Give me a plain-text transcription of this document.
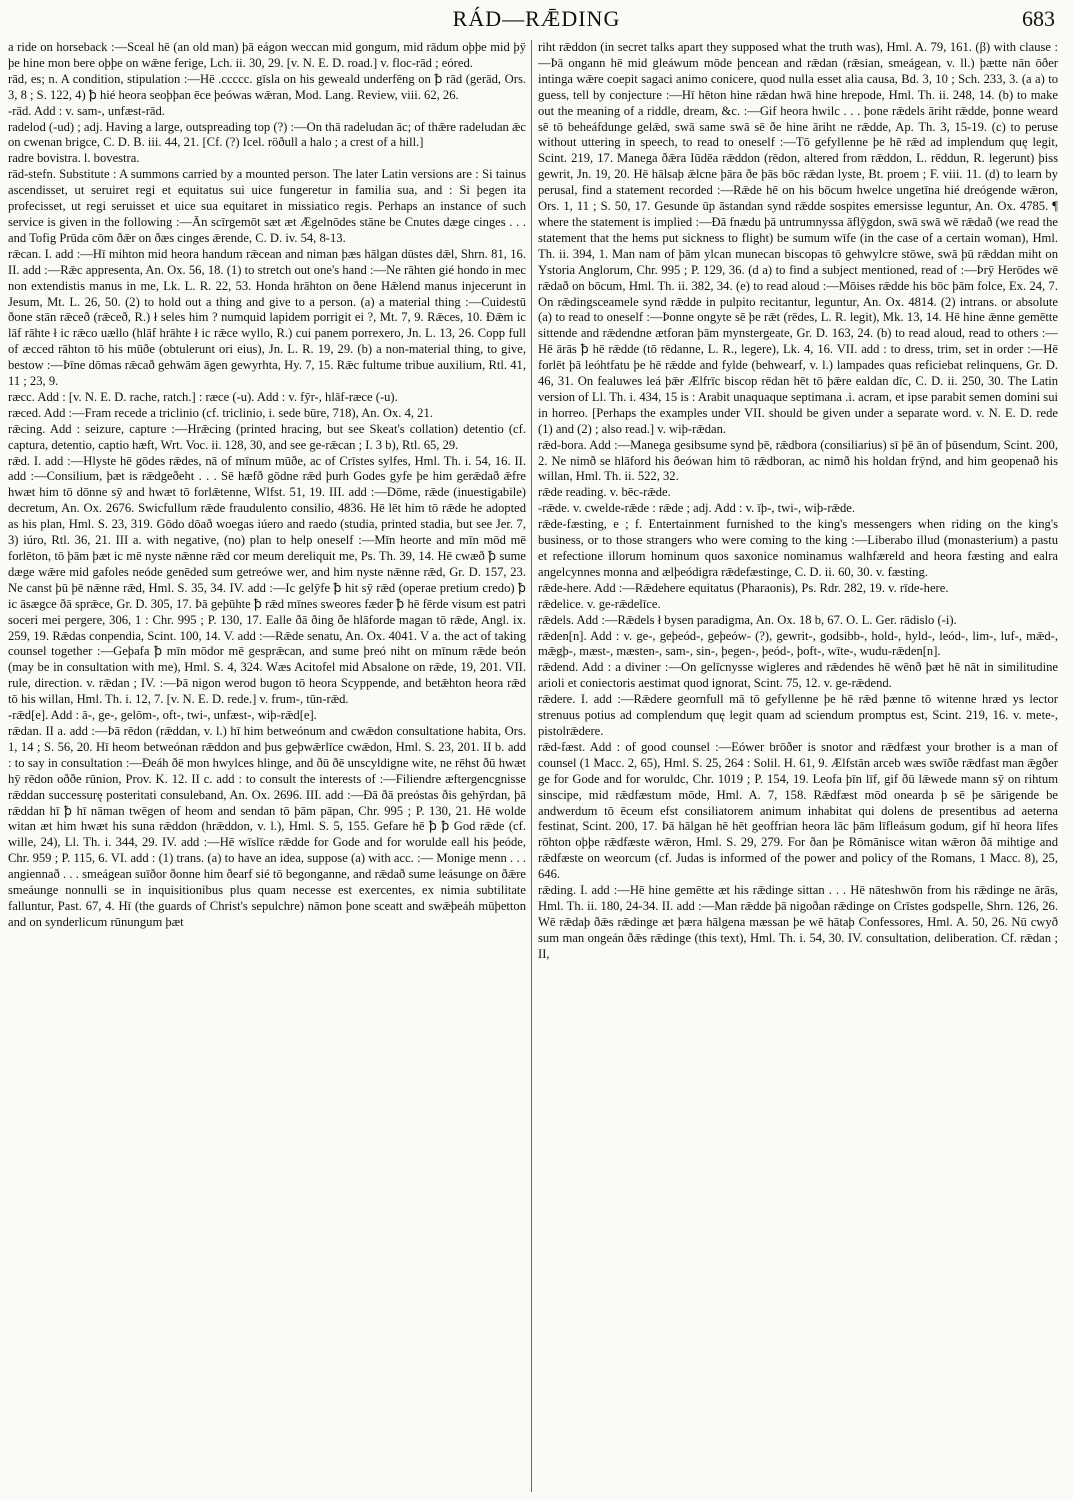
RÁD—RǢDING	683

a ride on horseback :—Sceal hē (an old man) þā eágon weccan mid gongum, mid rādum oþþe mid þȳ þe hine mon bere oþþe on wǣne ferige, Lch. ii. 30, 29. [v. N. E. D. road.] v. floc-rād ; eóred.

rād, es; n. A condition, stipulation :—Hē .ccccc. gīsla on his geweald underfēng on ꝥ rād (gerād, Ors. 3, 8 ; S. 122, 4) ꝥ hié heora seoþþan ēce þeówas wǣran, Mod. Lang. Review, viii. 62, 26.

-rād. Add : v. sam-, unfæst-rād.

radelod (-ud) ; adj. Having a large, outspreading top (?) :—On thā radeludan āc; of thǣre radeludan ǣc on cwenan brigce, C. D. B. iii. 44, 21. [Cf. (?) Icel. röðull a halo ; a crest of a hill.]

radre bovistra. l. bovestra.

rād-stefn. Substitute : A summons carried by a mounted person. The later Latin versions are : Si tainus ascendisset, ut seruiret regi et equitatus sui uice fungeretur in familia sua, and : Si þegen ita profecisset, ut regi seruisset et uice sua equitaret in missiatico regis. Perhaps an instance of such service is given in the following :—Ān scīrgemōt sæt æt Ægelnōdes stāne be Cnutes dæge cinges . . . and Tofig Prūda cōm ðǣr on ðæs cinges ǣrende, C. D. iv. 54, 8-13.

rǣcan. I. add :—Hī mihton mid heora handum rǣcean and niman þæs hālgan dūstes dǣl, Shrn. 81, 16. II. add :—Rǣc appresenta, An. Ox. 56, 18. (1) to stretch out one's hand :—Ne rāhten gié hondo in mec non extendistis manus in me, Lk. L. R. 22, 53. Honda hrāhton on ðene Hǣlend manus injecerunt in Jesum, Mt. L. 26, 50. (2) to hold out a thing and give to a person. (a) a material thing :—Cuidestū ðone stān rǣceð (rǣceð, R.) ł seles him ? numquid lapidem porrigit ei ?, Mt. 7, 9. Rǣces, 10. Ðǣm ic lāf rāhte ł ic rǣco uællo (hlāf hrāhte ł ic rǣce wyllo, R.) cui panem porrexero, Jn. L. 13, 26. Copp full of æcced rāhton tō his mūðe (obtulerunt ori eius), Jn. L. R. 19, 29. (b) a non-material thing, to give, bestow :—Þīne dōmas rǣcað gehwām āgen gewyrhta, Hy. 7, 15. Rǣc fultume tribue auxilium, Rtl. 41, 11 ; 23, 9.

ræcc. Add : [v. N. E. D. rache, ratch.] : ræce (-u). Add : v. fȳr-, hlāf-ræce (-u).

ræced. Add :—Fram recede a triclinio (cf. triclinio, i. sede būre, 718), An. Ox. 4, 21.

rǣcing. Add : seizure, capture :—Hrǣcing (printed hracing, but see Skeat's collation) detentio (cf. captura, detentio, captio hæft, Wrt. Voc. ii. 128, 30, and see ge-rǣcan ; I. 3 b), Rtl. 65, 29.

rǣd. I. add :—Hlyste hē gōdes rǣdes, nā of mīnum mūðe, ac of Crīstes sylfes, Hml. Th. i. 54, 16. II. add :—Consilium, þæt is rǣdgeðeht . . . Sē hæfð gōdne rǣd þurh Godes gyfe þe him gerǣdað ǣfre hwæt him tō dōnne sȳ and hwæt tō forlǣtenne, Wlfst. 51, 19. III. add :—Dōme, rǣde (inuestigabile) decretum, An. Ox. 2676. Swicfullum rǣde fraudulento consilio, 4836. Hē lēt him tō rǣde he adopted as his plan, Hml. S. 23, 319. Gōdo dōað woegas iúero and raedo (studia, printed stadia, but see Jer. 7, 3) iúro, Rtl. 36, 21. III a. with negative, (no) plan to help oneself :—Mīn heorte and mīn mōd mē forlēton, tō þām þæt ic mē nyste nǣnne rǣd cor meum dereliquit me, Ps. Th. 39, 14. Hē cwæð ꝥ sume dæge wǣre mid gafoles neóde genēded sum getreówe wer, and him nyste nǣnne rǣd, Gr. D. 157, 23. Ne canst þū þē nǣnne rǣd, Hml. S. 35, 34. IV. add :—Ic gelȳfe ꝥ hit sȳ rǣd (operae pretium credo) ꝥ ic āsægce ðā sprǣce, Gr. D. 305, 17. Þā geþūhte ꝥ rǣd mīnes sweores fæder ꝥ hē fērde visum est patri soceri mei pergere, 306, 1 : Chr. 995 ; P. 130, 17. Ealle ðā ðing ðe hlāforde magan tō rǣde, Angl. ix. 259, 19. Rǣdas conpendia, Scint. 100, 14. V. add :—Rǣde senatu, An. Ox. 4041. V a. the act of taking counsel together :—Geþafa ꝥ mīn mōdor mē gesprǣcan, and sume þreó niht on mīnum rǣde beón (may be in consultation with me), Hml. S. 4, 324. Wæs Acitofel mid Absalone on rǣde, 19, 201. VII. rule, direction. v. rǣdan ; IV. :—Þā nigon werod bugon tō heora Scyppende, and betǣhton heora rǣd tō his willan, Hml. Th. i. 12, 7. [v. N. E. D. rede.] v. frum-, tūn-rǣd.

-rǣd[e]. Add : ā-, ge-, gelōm-, oft-, twi-, unfæst-, wiþ-rǣd[e].

rǣdan. II a. add :—Þā rēdon (rǣddan, v. l.) hī him betweónum and cwǣdon consultatione habita, Ors. 1, 14 ; S. 56, 20. Hī heom betweónan rǣddon and þus geþwǣrlīce cwǣdon, Hml. S. 23, 201. II b. add : to say in consultation :—Ðeáh ðē mon hwylces hlinge, and ðū ðē unscyldigne wite, ne rēhst ðū hwæt hȳ rēdon oððe rūnion, Prov. K. 12. II c. add : to consult the interests of :—Filiendre æftergencgnisse rǣddan successurę posteritati consuleband, An. Ox. 2696. III. add :—Ðā ðā preóstas ðis gehȳrdan, þā rǣddan hī ꝥ hī nāman twēgen of heom and sendan tō þām pāpan, Chr. 995 ; P. 130, 21. Hē wolde witan æt him hwæt his suna rǣddon (hrǣddon, v. l.), Hml. S. 5, 155. Gefare hē ꝥ ꝥ God rǣde (cf. wille, 24), Ll. Th. i. 344, 29. IV. add :—Hē wīslīce rǣdde for Gode and for worulde eall his þeóde, Chr. 959 ; P. 115, 6. VI. add : (1) trans. (a) to have an idea, suppose (a) with acc. :— Monige menn . . . angiennað . . . smeágean suīðor ðonne him ðearf sié tō begonganne, and rǣdað sume leásunge on ðǣre smeáunge nonnulli se in inquisitionibus plus quam necesse est exercentes, ex nimia subtilitate falluntur, Past. 67, 4. Hī (the guards of Christ's sepulchre) nāmon þone sceatt and swǣþeáh mūþetton and on synderlicum rūnungum þæt

riht rǣddon (in secret talks apart they supposed what the truth was), Hml. A. 79, 161. (β) with clause :—Þā ongann hē mid gleáwum mōde þencean and rǣdan (rǣsian, smeágean, v. ll.) þætte nān ōðer intinga wǣre coepit sagaci animo conicere, quod nulla esset alia causa, Bd. 3, 10 ; Sch. 233, 3. (a a) to guess, tell by conjecture :—Hī hēton hine rǣdan hwā hine hrepode, Hml. Th. ii. 248, 14. (b) to make out the meaning of a riddle, dream, &c. :—Gif heora hwilc . . . þone rǣdels āriht rǣdde, þonne weard sē tō beheáfdunge gelǣd, swā same swā sē ðe hine āriht ne rǣdde, Ap. Th. 3, 15-19. (c) to peruse without uttering in speech, to read to oneself :—Tō gefyllenne þe hē rǣd ad implendum quę legit, Scint. 219, 17. Manega ðǣra Iūdēa rǣddon (rēdon, altered from rǣddon, L. rēddun, R. legerunt) þiss gewrit, Jn. 19, 20. Hē hālsaþ ǣlcne þāra ðe þās bōc rǣdan lyste, Bt. proem ; F. viii. 11. (d) to learn by perusal, find a statement recorded :—Rǣde hē on his bōcum hwelce ungetīna hié dreógende wǣron, Ors. 1, 11 ; S. 50, 17. Gesunde ūp āstandan synd rǣdde sospites emersisse leguntur, An. Ox. 4785. ¶ where the statement is implied :—Ðā fnædu þā untrumnyssa āflȳgdon, swā swā wē rǣdað (we read the statement that the hems put sickness to flight) be sumum wīfe (in the case of a certain woman), Hml. Th. ii. 394, 1. Man nam of þām ylcan munecan biscopas tō gehwylcre stōwe, swā þū rǣddan miht on Ystoria Anglorum, Chr. 995 ; P. 129, 36. (d a) to find a subject mentioned, read of :—Þrȳ Herōdes wē rǣdað on bōcum, Hml. Th. ii. 382, 34. (e) to read aloud :—Mōises rǣdde his bōc þām folce, Ex. 24, 7. On rǣdingsceamele synd rǣdde in pulpito recitantur, leguntur, An. Ox. 4814. (2) intrans. or absolute (a) to read to oneself :—Þonne ongyte sē þe rǣt (rēdes, L. R. legit), Mk. 13, 14. Hē hine ǣnne gemētte sittende and rǣdendne ætforan þām mynstergeate, Gr. D. 163, 24. (b) to read aloud, read to others :—Hē ārās ꝥ hē rǣdde (tō rēdanne, L. R., legere), Lk. 4, 16. VII. add : to dress, trim, set in order :—Hē forlēt þā leóhtfatu þe hē rǣdde and fylde (behwearf, v. l.) lampades quas reficiebat relinquens, Gr. D. 46, 31. On fealuwes leá þǣr Ælfrīc biscop rēdan hēt tō þǣre ealdan dīc, C. D. ii. 250, 30. The Latin version of Ll. Th. i. 434, 15 is : Arabit unaquaque septimana .i. acram, et ipse parabit semen domini sui in horreo. [Perhaps the examples under VII. should be given under a separate word. v. N. E. D. rede (1) and (2) ; also read.] v. wiþ-rǣdan.

rǣd-bora. Add :—Manega gesibsume synd þē, rǣdbora (consiliarius) sī þē ān of þūsendum, Scint. 200, 2. Ne nimð se hlāford his ðeówan him tō rǣdboran, ac nimð his holdan frȳnd, and him geopenað his willan, Hml. Th. ii. 522, 32.

rǣde reading. v. bēc-rǣde.

-rǣde. v. cwelde-rǣde : rǣde ; adj. Add : v. īþ-, twi-, wiþ-rǣde.

rǣde-fæsting, e ; f. Entertainment furnished to the king's messengers when riding on the king's business, or to those strangers who were coming to the king :—Liberabo illud (monasterium) a pastu et refectione illorum hominum quos saxonice nominamus walhfæreld and heora fæsting and ealra angelcynnes monna and ælþeódigra rǣdefæstinge, C. D. ii. 60, 30. v. fæsting.

rǣde-here. Add :—Rǣdehere equitatus (Pharaonis), Ps. Rdr. 282, 19. v. rīde-here.

rǣdelice. v. ge-rǣdelīce.

rǣdels. Add :—Rǣdels ł bysen paradigma, An. Ox. 18 b, 67. O. L. Ger. rādislo (-i).

rǣden[n]. Add : v. ge-, geþeód-, geþeów- (?), gewrit-, godsibb-, hold-, hyld-, leód-, lim-, luf-, mǣd-, mǣgþ-, mæst-, mæsten-, sam-, sin-, þegen-, þeód-, þoft-, wīte-, wudu-rǣden[n].

rǣdend. Add : a diviner :—On gelīcnysse wigleres and rǣdendes hē wēnð þæt hē nāt in similitudine arioli et coniectoris aestimat quod ignorat, Scint. 75, 12. v. ge-rǣdend.

rǣdere. I. add :—Rǣdere geornfull mā tō gefyllenne þe hē rǣd þænne tō witenne hræd ys lector strenuus potius ad complendum quę legit quam ad sciendum promptus est, Scint. 219, 16. v. mete-, pistolrǣdere.

rǣd-fæst. Add : of good counsel :—Eówer brōðer is snotor and rǣdfæst your brother is a man of counsel (1 Macc. 2, 65), Hml. S. 25, 264 : Solil. H. 61, 9. Ælfstān arceb wæs swīðe rǣdfast man ǣgðer ge for Gode and for woruldc, Chr. 1019 ; P. 154, 19. Leofa þīn līf, gif ðū lǣwede mann sȳ on rihtum sinscipe, mid rǣdfæstum mōde, Hml. A. 7, 158. Rǣdfæst mōd onearda þ sē þe sārigende be andwerdum tō ēceum efst consiliatorem animum inhabitat qui dolens de presentibus ad aeterna festinat, Scint. 200, 17. Þā hālgan hē hēt geoffrian heora lāc þām līfleásum godum, gif hī heora līfes rōhton oþþe rǣdfæste wǣron, Hml. S. 29, 279. For ðan þe Rōmānisce witan wǣron ðā mihtige and rǣdfæste on weorcum (cf. Judas is informed of the power and policy of the Romans, 1 Macc. 8), 25, 646.

rǣding. I. add :—Hē hine gemētte æt his rǣdinge sittan . . . Hē nāteshwōn from his rǣdinge ne ārās, Hml. Th. ii. 180, 24-34. II. add :—Man rǣdde þā nigoðan rǣdinge on Crīstes godspelle, Shrn. 126, 26. Wē rǣdaþ ðǣs rǣdinge æt þæra hālgena mæssan þe wē hātaþ Confessores, Hml. A. 50, 26. Nū cwyð sum man ongeán ðǣs rǣdinge (this text), Hml. Th. i. 54, 30. IV. consultation, deliberation. Cf. rǣdan ; II,
